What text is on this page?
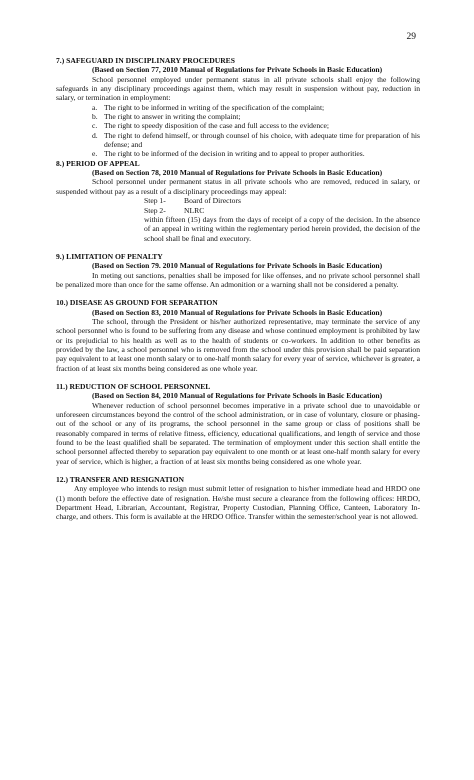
29
7.) SAFEGUARD IN DISCIPLINARY PROCEDURES
(Based on Section 77, 2010 Manual of Regulations for Private Schools in Basic Education)
School personnel employed under permanent status in all private schools shall enjoy the following safeguards in any disciplinary proceedings against them, which may result in suspension without pay, reduction in salary, or termination in employment:
a. The right to be informed in writing of the specification of the complaint;
b. The right to answer in writing the complaint;
c. The right to speedy disposition of the case and full access to the evidence;
d. The right to defend himself, or through counsel of his choice, with adequate time for preparation of his defense; and
e. The right to be informed of the decision in writing and to appeal to proper authorities.
8.) PERIOD OF APPEAL
(Based on Section 78, 2010 Manual of Regulations for Private Schools in Basic Education)
School personnel under permanent status in all private schools who are removed, reduced in salary, or suspended without pay as a result of a disciplinary proceedings may appeal:
Step 1-	Board of Directors
Step 2-	NLRC
within fifteen (15) days from the days of receipt of a copy of the decision. In the absence of an appeal in writing within the reglementary period herein provided, the decision of the school shall be final and executory.
9.) LIMITATION OF PENALTY
(Based on Section 79. 2010 Manual of Regulations for Private Schools in Basic Education)
In meting out sanctions, penalties shall be imposed for like offenses, and no private school personnel shall be penalized more than once for the same offense. An admonition or a warning shall not be considered a penalty.
10.) DISEASE AS GROUND FOR SEPARATION
(Based on Section 83, 2010 Manual of Regulations for Private Schools in Basic Education)
The school, through the President or his/her authorized representative, may terminate the service of any school personnel who is found to be suffering from any disease and whose continued employment is prohibited by law or its prejudicial to his health as well as to the health of students or co-workers. In addition to other benefits as provided by the law, a school personnel who is removed from the school under this provision shall be paid separation pay equivalent to at least one month salary or to one-half month salary for every year of service, whichever is greater, a fraction of at least six months being considered as one whole year.
11.) REDUCTION OF SCHOOL PERSONNEL
(Based on Section 84, 2010 Manual of Regulations for Private Schools in Basic Education)
Whenever reduction of school personnel becomes imperative in a private school due to unavoidable or unforeseen circumstances beyond the control of the school administration, or in case of voluntary, closure or phasing-out of the school or any of its programs, the school personnel in the same group or class of positions shall be reasonably compared in terms of relative fitness, efficiency, educational qualifications, and length of service and those found to be the least qualified shall be separated. The termination of employment under this section shall entitle the school personnel affected thereby to separation pay equivalent to one month or at least one-half month salary for every year of service, which is higher, a fraction of at least six months being considered as one whole year.
12.) TRANSFER AND RESIGNATION
Any employee who intends to resign must submit letter of resignation to his/her immediate head and HRDO one (1) month before the effective date of resignation. He/she must secure a clearance from the following offices: HRDO, Department Head, Librarian, Accountant, Registrar, Property Custodian, Planning Office, Canteen, Laboratory In-charge, and others. This form is available at the HRDO Office. Transfer within the semester/school year is not allowed.
